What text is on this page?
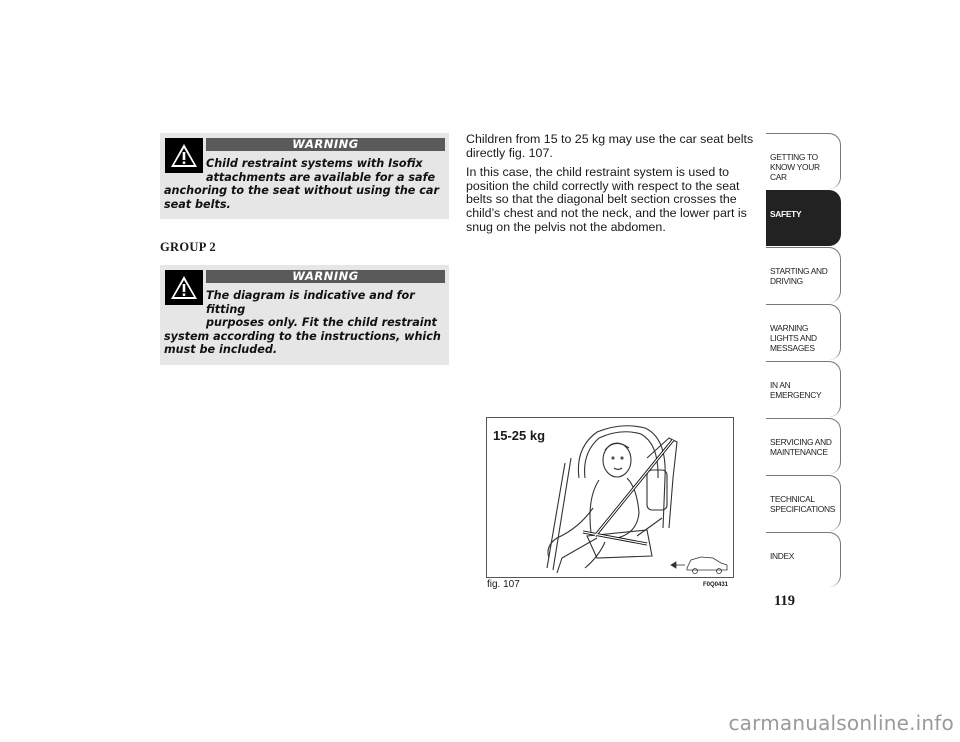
WARNING

Child restraint systems with Isofix
attachments are available for a safe
anchoring to the seat without using the car seat belts.

GROUP 2
WARNING

The diagram is indicative and for fitting
purposes only. Fit the child restraint
system according to the instructions, which must be included.

Children from 15 to 25 kg may use the car seat belts directly fig. 107.

In this case, the child restraint system is used to position the child correctly with respect to the seat belts so that the diagonal belt section crosses the child’s chest and not the neck, and the lower part is snug on the pelvis not the abdomen.

15-25 kg
fig. 107	F0Q0431
GETTING TO KNOW YOUR CAR
SAFETY
STARTING AND DRIVING
WARNING LIGHTS AND MESSAGES
IN AN EMERGENCY
SERVICING AND MAINTENANCE
TECHNICAL SPECIFICATIONS
INDEX
119
carmanualsonline.info
